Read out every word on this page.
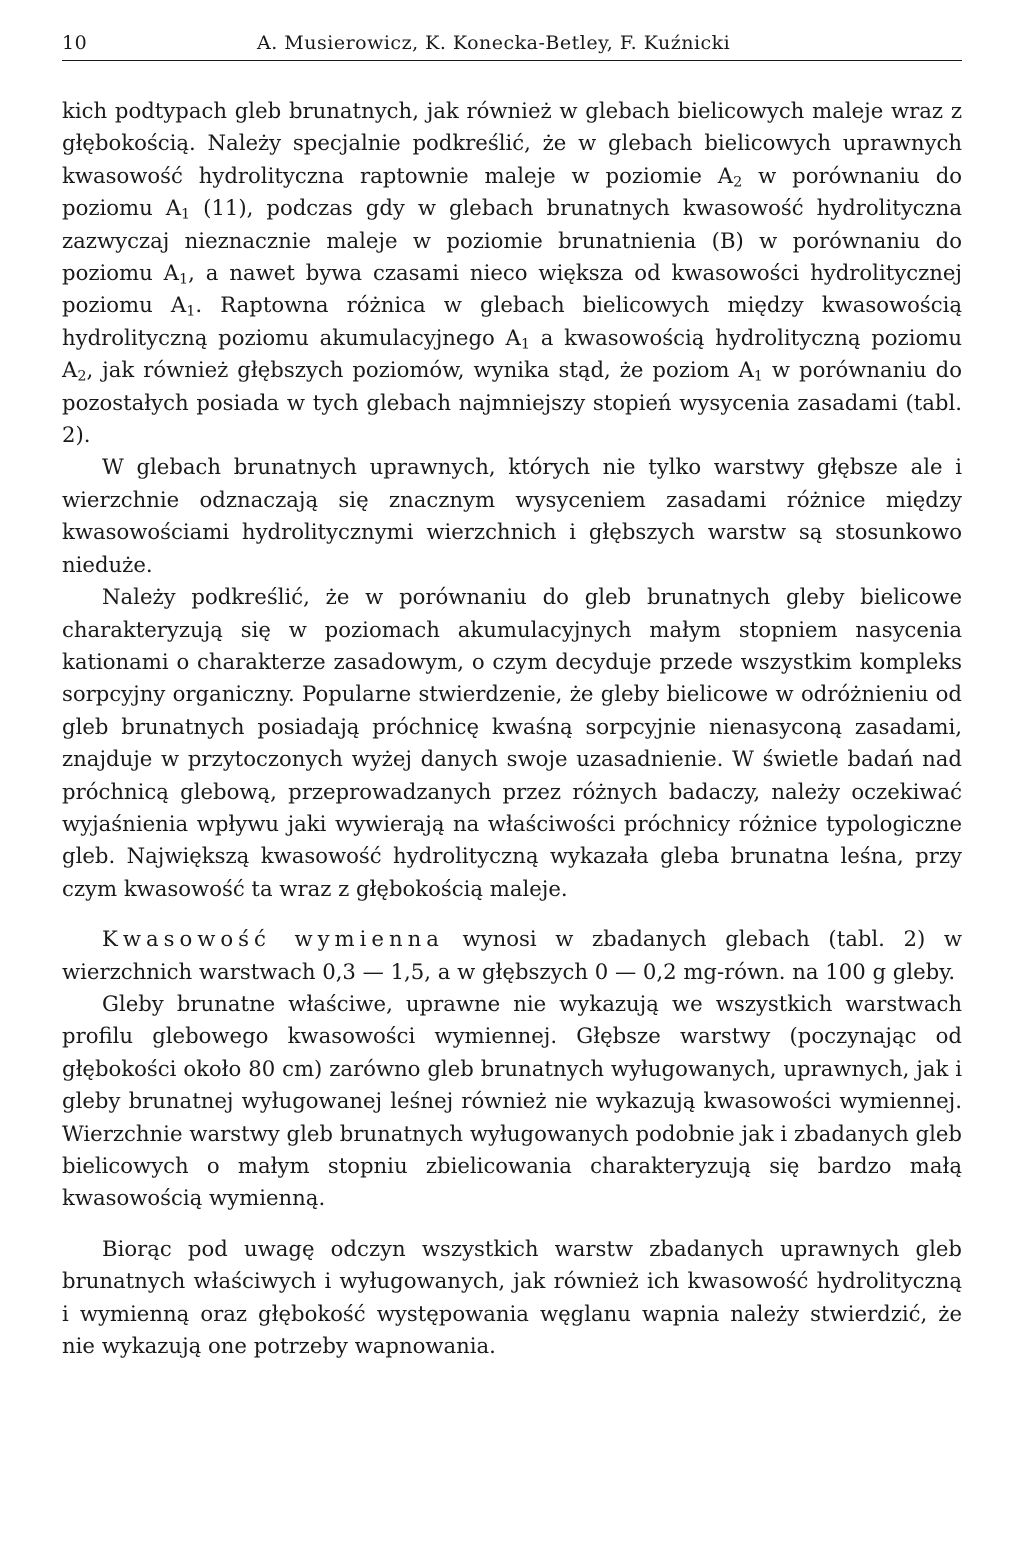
10	A. Musierowicz, K. Konecka-Betley, F. Kuźnicki

kich podtypach gleb brunatnych, jak również w glebach bielicowych maleje wraz z głębokością. Należy specjalnie podkreślić, że w glebach bielicowych uprawnych kwasowość hydrolityczna raptownie maleje w poziomie $A_2$ w porównaniu do poziomu $A_1$ (11), podczas gdy w glebach brunatnych kwasowość hydrolityczna zazwyczaj nieznacznie maleje w poziomie brunatnienia (B) w porównaniu do poziomu $A_1$, a nawet bywa czasami nieco większa od kwasowości hydrolitycznej poziomu $A_1$. Raptowna różnica w glebach bielicowych między kwasowością hydrolityczną poziomu akumulacyjnego $A_1$ a kwasowością hydrolityczną poziomu $A_2$, jak również głębszych poziomów, wynika stąd, że poziom $A_1$ w porównaniu do pozostałych posiada w tych glebach najmniejszy stopień wysycenia zasadami (tabl. 2).

W glebach brunatnych uprawnych, których nie tylko warstwy głębsze ale i wierzchnie odznaczają się znacznym wysyceniem zasadami różnice między kwasowościami hydrolitycznymi wierzchnich i głębszych warstw są stosunkowo nieduże.

Należy podkreślić, że w porównaniu do gleb brunatnych gleby bielicowe charakteryzują się w poziomach akumulacyjnych małym stopniem nasycenia kationami o charakterze zasadowym, o czym decyduje przede wszystkim kompleks sorpcyjny organiczny. Popularne stwierdzenie, że gleby bielicowe w odróżnieniu od gleb brunatnych posiadają próchnicę kwaśną sorpcyjnie nienasyconą zasadami, znajduje w przytoczonych wyżej danych swoje uzasadnienie. W świetle badań nad próchnicą glebową, przeprowadzanych przez różnych badaczy, należy oczekiwać wyjaśnienia wpływu jaki wywierają na właściwości próchnicy różnice typologiczne gleb. Największą kwasowość hydrolityczną wykazała gleba brunatna leśna, przy czym kwasowość ta wraz z głębokością maleje.

Kwasowość wymienna wynosi w zbadanych glebach (tabl. 2) w wierzchnich warstwach 0,3 — 1,5, a w głębszych 0 — 0,2 mg-równ. na 100 g gleby.

Gleby brunatne właściwe, uprawne nie wykazują we wszystkich warstwach profilu glebowego kwasowości wymiennej. Głębsze warstwy (poczynając od głębokości około 80 cm) zarówno gleb brunatnych wyługowanych, uprawnych, jak i gleby brunatnej wyługowanej leśnej również nie wykazują kwasowości wymiennej. Wierzchnie warstwy gleb brunatnych wyługowanych podobnie jak i zbadanych gleb bielicowych o małym stopniu zbielicowania charakteryzują się bardzo małą kwasowością wymienną.

Biorąc pod uwagę odczyn wszystkich warstw zbadanych uprawnych gleb brunatnych właściwych i wyługowanych, jak również ich kwasowość hydrolityczną i wymienną oraz głębokość występowania węglanu wapnia należy stwierdzić, że nie wykazują one potrzeby wapnowania.
